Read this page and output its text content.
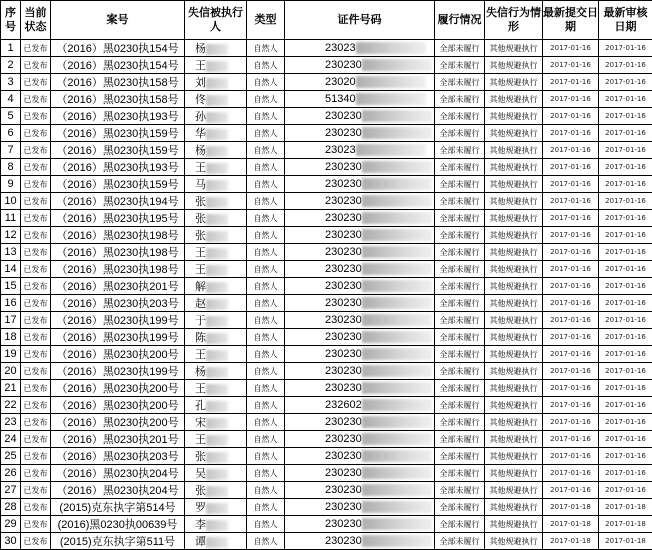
序号	当前状态	案号	失信被执行人	类型	证件号码	履行情况	失信行为情形	最新提交日期	最新审核日期
1	已发布	（2016）黑0230执154号	杨	自然人	23023	全部未履行	其他规避执行	2017-01-16	2017-01-16
2	已发布	（2016）黑0230执154号	王	自然人	230230	全部未履行	其他规避执行	2017-01-16	2017-01-16
3	已发布	（2016）黑0230执158号	刘	自然人	23020	全部未履行	其他规避执行	2017-01-16	2017-01-16
4	已发布	（2016）黑0230执158号	佟	自然人	51340	全部未履行	其他规避执行	2017-01-16	2017-01-16
5	已发布	（2016）黑0230执193号	孙	自然人	230230	全部未履行	其他规避执行	2017-01-16	2017-01-16
6	已发布	（2016）黑0230执159号	华	自然人	230230	全部未履行	其他规避执行	2017-01-16	2017-01-16
7	已发布	（2016）黑0230执159号	杨	自然人	23023	全部未履行	其他规避执行	2017-01-16	2017-01-16
8	已发布	（2016）黑0230执193号	王	自然人	230230	全部未履行	其他规避执行	2017-01-16	2017-01-16
9	已发布	（2016）黑0230执159号	马	自然人	230230	全部未履行	其他规避执行	2017-01-16	2017-01-16
10	已发布	（2016）黑0230执194号	张	自然人	230230	全部未履行	其他规避执行	2017-01-16	2017-01-16
11	已发布	（2016）黑0230执195号	张	自然人	230230	全部未履行	其他规避执行	2017-01-16	2017-01-16
12	已发布	（2016）黑0230执198号	张	自然人	230230	全部未履行	其他规避执行	2017-01-16	2017-01-16
13	已发布	（2016）黑0230执198号	王	自然人	230230	全部未履行	其他规避执行	2017-01-16	2017-01-16
14	已发布	（2016）黑0230执198号	王	自然人	230230	全部未履行	其他规避执行	2017-01-16	2017-01-16
15	已发布	（2016）黑0230执201号	解	自然人	230230	全部未履行	其他规避执行	2017-01-16	2017-01-16
16	已发布	（2016）黑0230执203号	赵	自然人	230230	全部未履行	其他规避执行	2017-01-16	2017-01-16
17	已发布	（2016）黑0230执199号	于	自然人	230230	全部未履行	其他规避执行	2017-01-16	2017-01-16
18	已发布	（2016）黑0230执199号	陈	自然人	230230	全部未履行	其他规避执行	2017-01-16	2017-01-16
19	已发布	（2016）黑0230执200号	王	自然人	230230	全部未履行	其他规避执行	2017-01-16	2017-01-16
20	已发布	（2016）黑0230执199号	杨	自然人	230230	全部未履行	其他规避执行	2017-01-16	2017-01-16
21	已发布	（2016）黑0230执200号	王	自然人	230230	全部未履行	其他规避执行	2017-01-16	2017-01-16
22	已发布	（2016）黑0230执200号	孔	自然人	232602	全部未履行	其他规避执行	2017-01-16	2017-01-16
23	已发布	（2016）黑0230执200号	宋	自然人	230230	全部未履行	其他规避执行	2017-01-16	2017-01-16
24	已发布	（2016）黑0230执201号	王	自然人	230230	全部未履行	其他规避执行	2017-01-16	2017-01-16
25	已发布	（2016）黑0230执203号	张	自然人	230230	全部未履行	其他规避执行	2017-01-16	2017-01-16
26	已发布	（2016）黑0230执204号	吴	自然人	230230	全部未履行	其他规避执行	2017-01-16	2017-01-16
27	已发布	（2016）黑0230执204号	张	自然人	230230	全部未履行	其他规避执行	2017-01-16	2017-01-16
28	已发布	(2015)克东执字第514号	罗	自然人	230230	全部未履行	其他规避执行	2017-01-18	2017-01-18
29	已发布	(2016)黑0230执00639号	李	自然人	230230	全部未履行	其他规避执行	2017-01-18	2017-01-18
30	已发布	(2015)克东执字第511号	谭	自然人	230230	全部未履行	其他规避执行	2017-01-18	2017-01-18
